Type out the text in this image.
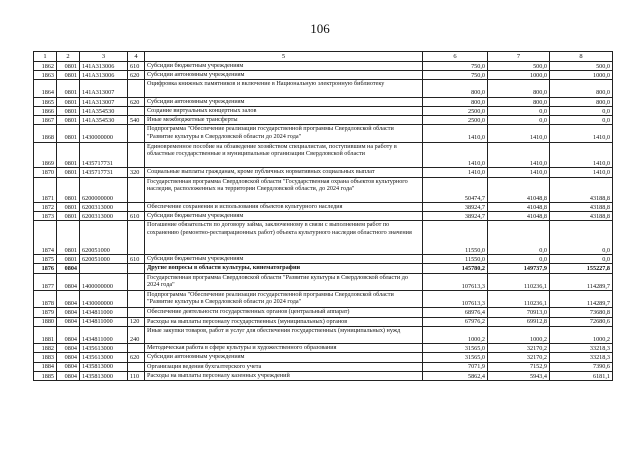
106
1	2	3	4	5	6	7	8
1862	0801	141A313006	610	Субсидии бюджетным учреждениям	750,0	500,0	500,0
1863	0801	141A313006	620	Субсидии автономным учреждениям	750,0	1000,0	1000,0
1864	0801	141A313007		Оцифровка книжных памятников и включение в Национальную электронную библиотеку	800,0	800,0	800,0
1865	0801	141A313007	620	Субсидии автономным учреждениям	800,0	800,0	800,0
1866	0801	141A354530		Создание виртуальных концертных залов	2500,0	0,0	0,0
1867	0801	141A354530	540	Иные межбюджетные трансферты	2500,0	0,0	0,0
1868	0801	1430000000		Подпрограмма "Обеспечение реализации государственной программы Свердловской области "Развитие культуры в Свердловской области до 2024 года"	1410,0	1410,0	1410,0
1869	0801	1435717731		Единовременное пособие на обзаведение хозяйством специалистам, поступившим на работу в областные государственные и муниципальные организации Свердловской области	1410,0	1410,0	1410,0
1870	0801	1435717731	320	Социальные выплаты гражданам, кроме публичных нормативных социальных выплат	1410,0	1410,0	1410,0
1871	0801	6200000000		Государственная программа Свердловской области "Государственная охрана объектов культурного наследия, расположенных на территории Свердловской области, до 2024 года"	50474,7	41048,8	43188,8
1872	0801	6200313000		Обеспечение сохранения и использования объектов культурного наследия	38924,7	41048,8	43188,8
1873	0801	6200313000	610	Субсидии бюджетным учреждениям	38924,7	41048,8	43188,8
1874	0801	620051000		Погашение обязательств по договору займа, заключенному в связи с выполнением работ по сохранению (ремонтно-реставрационных работ) объекта культурного наследия областного значения	11550,0	0,0	0,0
1875	0801	620051000	610	Субсидии бюджетным учреждениям	11550,0	0,0	0,0
1876	0804			Другие вопросы в области культуры, кинематографии	145780,2	149737,9	155227,8
1877	0804	1400000000		Государственная программа Свердловской области "Развитие культуры в Свердловской области до 2024 года"	107613,3	110236,1	114289,7
1878	0804	1430000000		Подпрограмма "Обеспечение реализации государственной программы Свердловской области "Развитие культуры в Свердловской области до 2024 года"	107613,3	110236,1	114289,7
1879	0804	1434811000		Обеспечение деятельности государственных органов (центральный аппарат)	68976,4	70913,0	73680,8
1880	0804	1434811000	120	Расходы на выплаты персоналу государственных (муниципальных) органов	67976,2	69912,8	72680,6
1881	0804	1434811000	240	Иные закупки товаров, работ и услуг для обеспечения государственных (муниципальных) нужд	1000,2	1000,2	1000,2
1882	0804	1435613000		Методическая работа в сфере культуры и художественного образования	31565,0	32170,2	33218,3
1883	0804	1435613000	620	Субсидии автономным учреждениям	31565,0	32170,2	33218,3
1884	0804	1435813000		Организация ведения бухгалтерского учета	7071,9	7152,9	7390,6
1885	0804	1435813000	110	Расходы на выплаты персоналу казенных учреждений	5862,4	5943,4	6181,1
